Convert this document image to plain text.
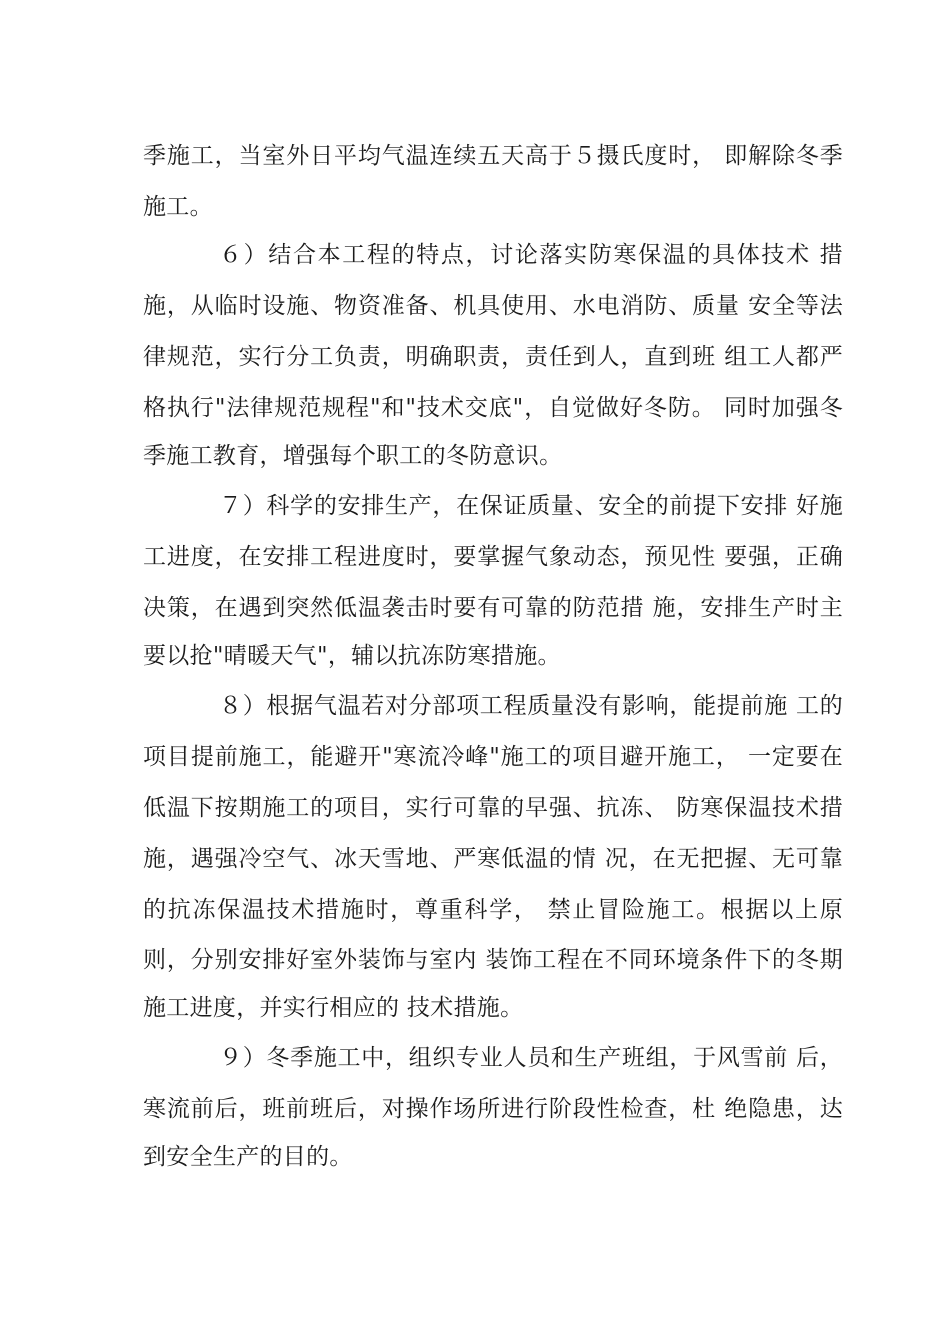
季施工，当室外日平均气温连续五天高于５摄氏度时， 即解除冬季
施工。
６）结合本工程的特点，讨论落实防寒保温的具体技术 措
施，从临时设施、物资准备、机具使用、水电消防、质量 安全等法
律规范，实行分工负责，明确职责，责任到人，直到班 组工人都严
格执行"法律规范规程"和"技术交底"，自觉做好冬防。 同时加强冬
季施工教育，增强每个职工的冬防意识。
７）科学的安排生产，在保证质量、安全的前提下安排 好施
工进度，在安排工程进度时，要掌握气象动态，预见性 要强，正确
决策，在遇到突然低温袭击时要有可靠的防范措 施，安排生产时主
要以抢"晴暖天气"，辅以抗冻防寒措施。
８）根据气温若对分部项工程质量没有影响，能提前施 工的
项目提前施工，能避开"寒流冷峰"施工的项目避开施工， 一定要在
低温下按期施工的项目，实行可靠的早强、抗冻、 防寒保温技术措
施，遇强冷空气、冰天雪地、严寒低温的情 况，在无把握、无可靠
的抗冻保温技术措施时，尊重科学， 禁止冒险施工。根据以上原
则，分别安排好室外装饰与室内 装饰工程在不同环境条件下的冬期
施工进度，并实行相应的 技术措施。
９）冬季施工中，组织专业人员和生产班组，于风雪前 后，
寒流前后，班前班后，对操作场所进行阶段性检查，杜 绝隐患，达
到安全生产的目的。
